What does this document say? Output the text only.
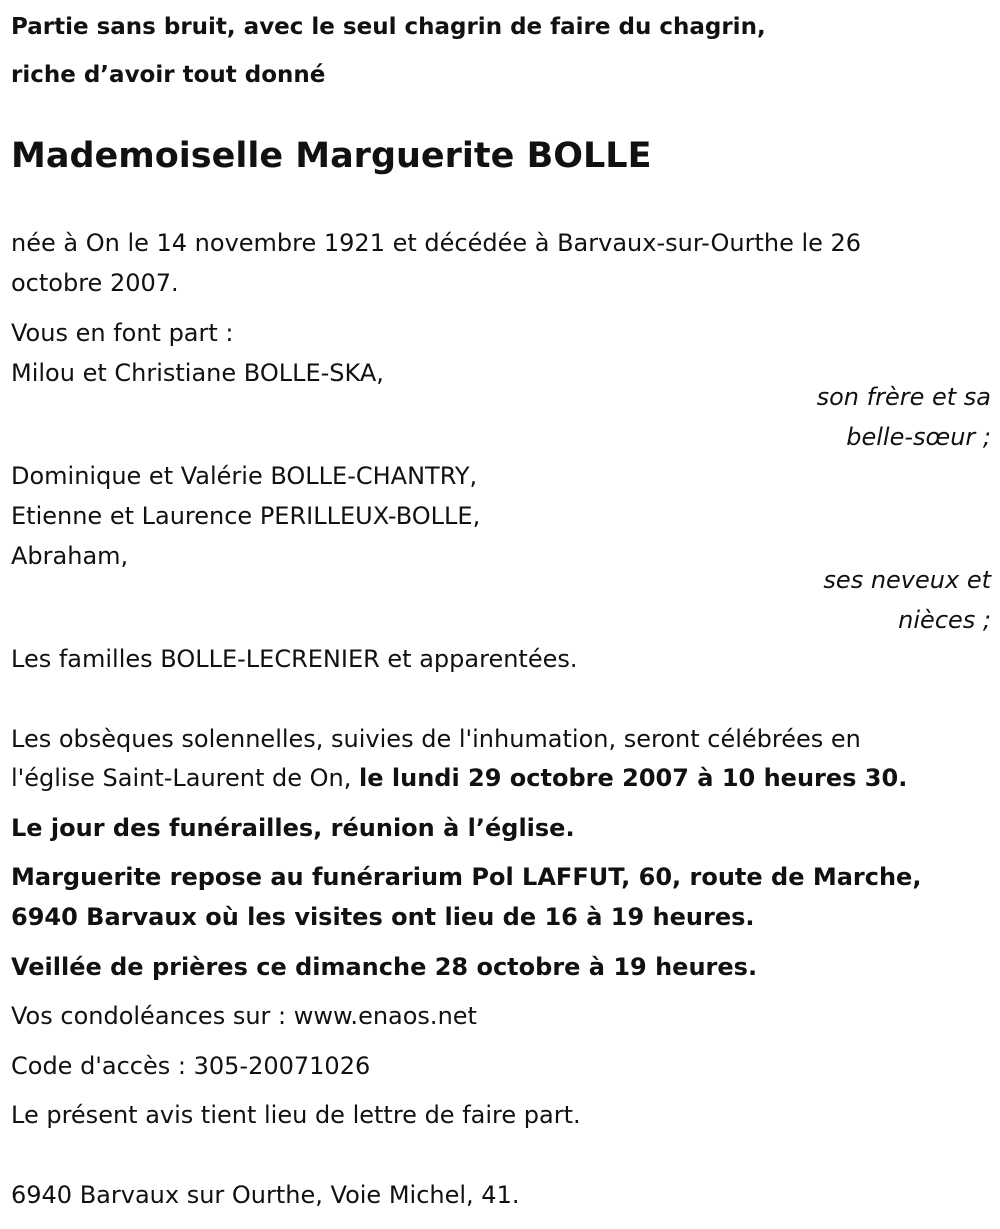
Partie sans bruit, avec le seul chagrin de faire du chagrin,
riche d’avoir tout donné
Mademoiselle Marguerite BOLLE
née à On le 14 novembre 1921 et décédée à Barvaux-sur-Ourthe le 26
octobre 2007.
Vous en font part :
Milou et Christiane BOLLE-SKA,
son frère et sa
belle-sœur ;
Dominique et Valérie BOLLE-CHANTRY,
Etienne et Laurence PERILLEUX-BOLLE,
Abraham,
ses neveux et
nièces ;
Les familles BOLLE-LECRENIER et apparentées.
Les obsèques solennelles, suivies de l'inhumation, seront célébrées en
l'église Saint-Laurent de On, le lundi 29 octobre 2007 à 10 heures 30.
Le jour des funérailles, réunion à l’église.
Marguerite repose au funérarium Pol LAFFUT, 60, route de Marche,
6940 Barvaux où les visites ont lieu de 16 à 19 heures.
Veillée de prières ce dimanche 28 octobre à 19 heures.
Vos condoléances sur : www.enaos.net
Code d'accès : 305-20071026
Le présent avis tient lieu de lettre de faire part.
6940 Barvaux sur Ourthe, Voie Michel, 41.
